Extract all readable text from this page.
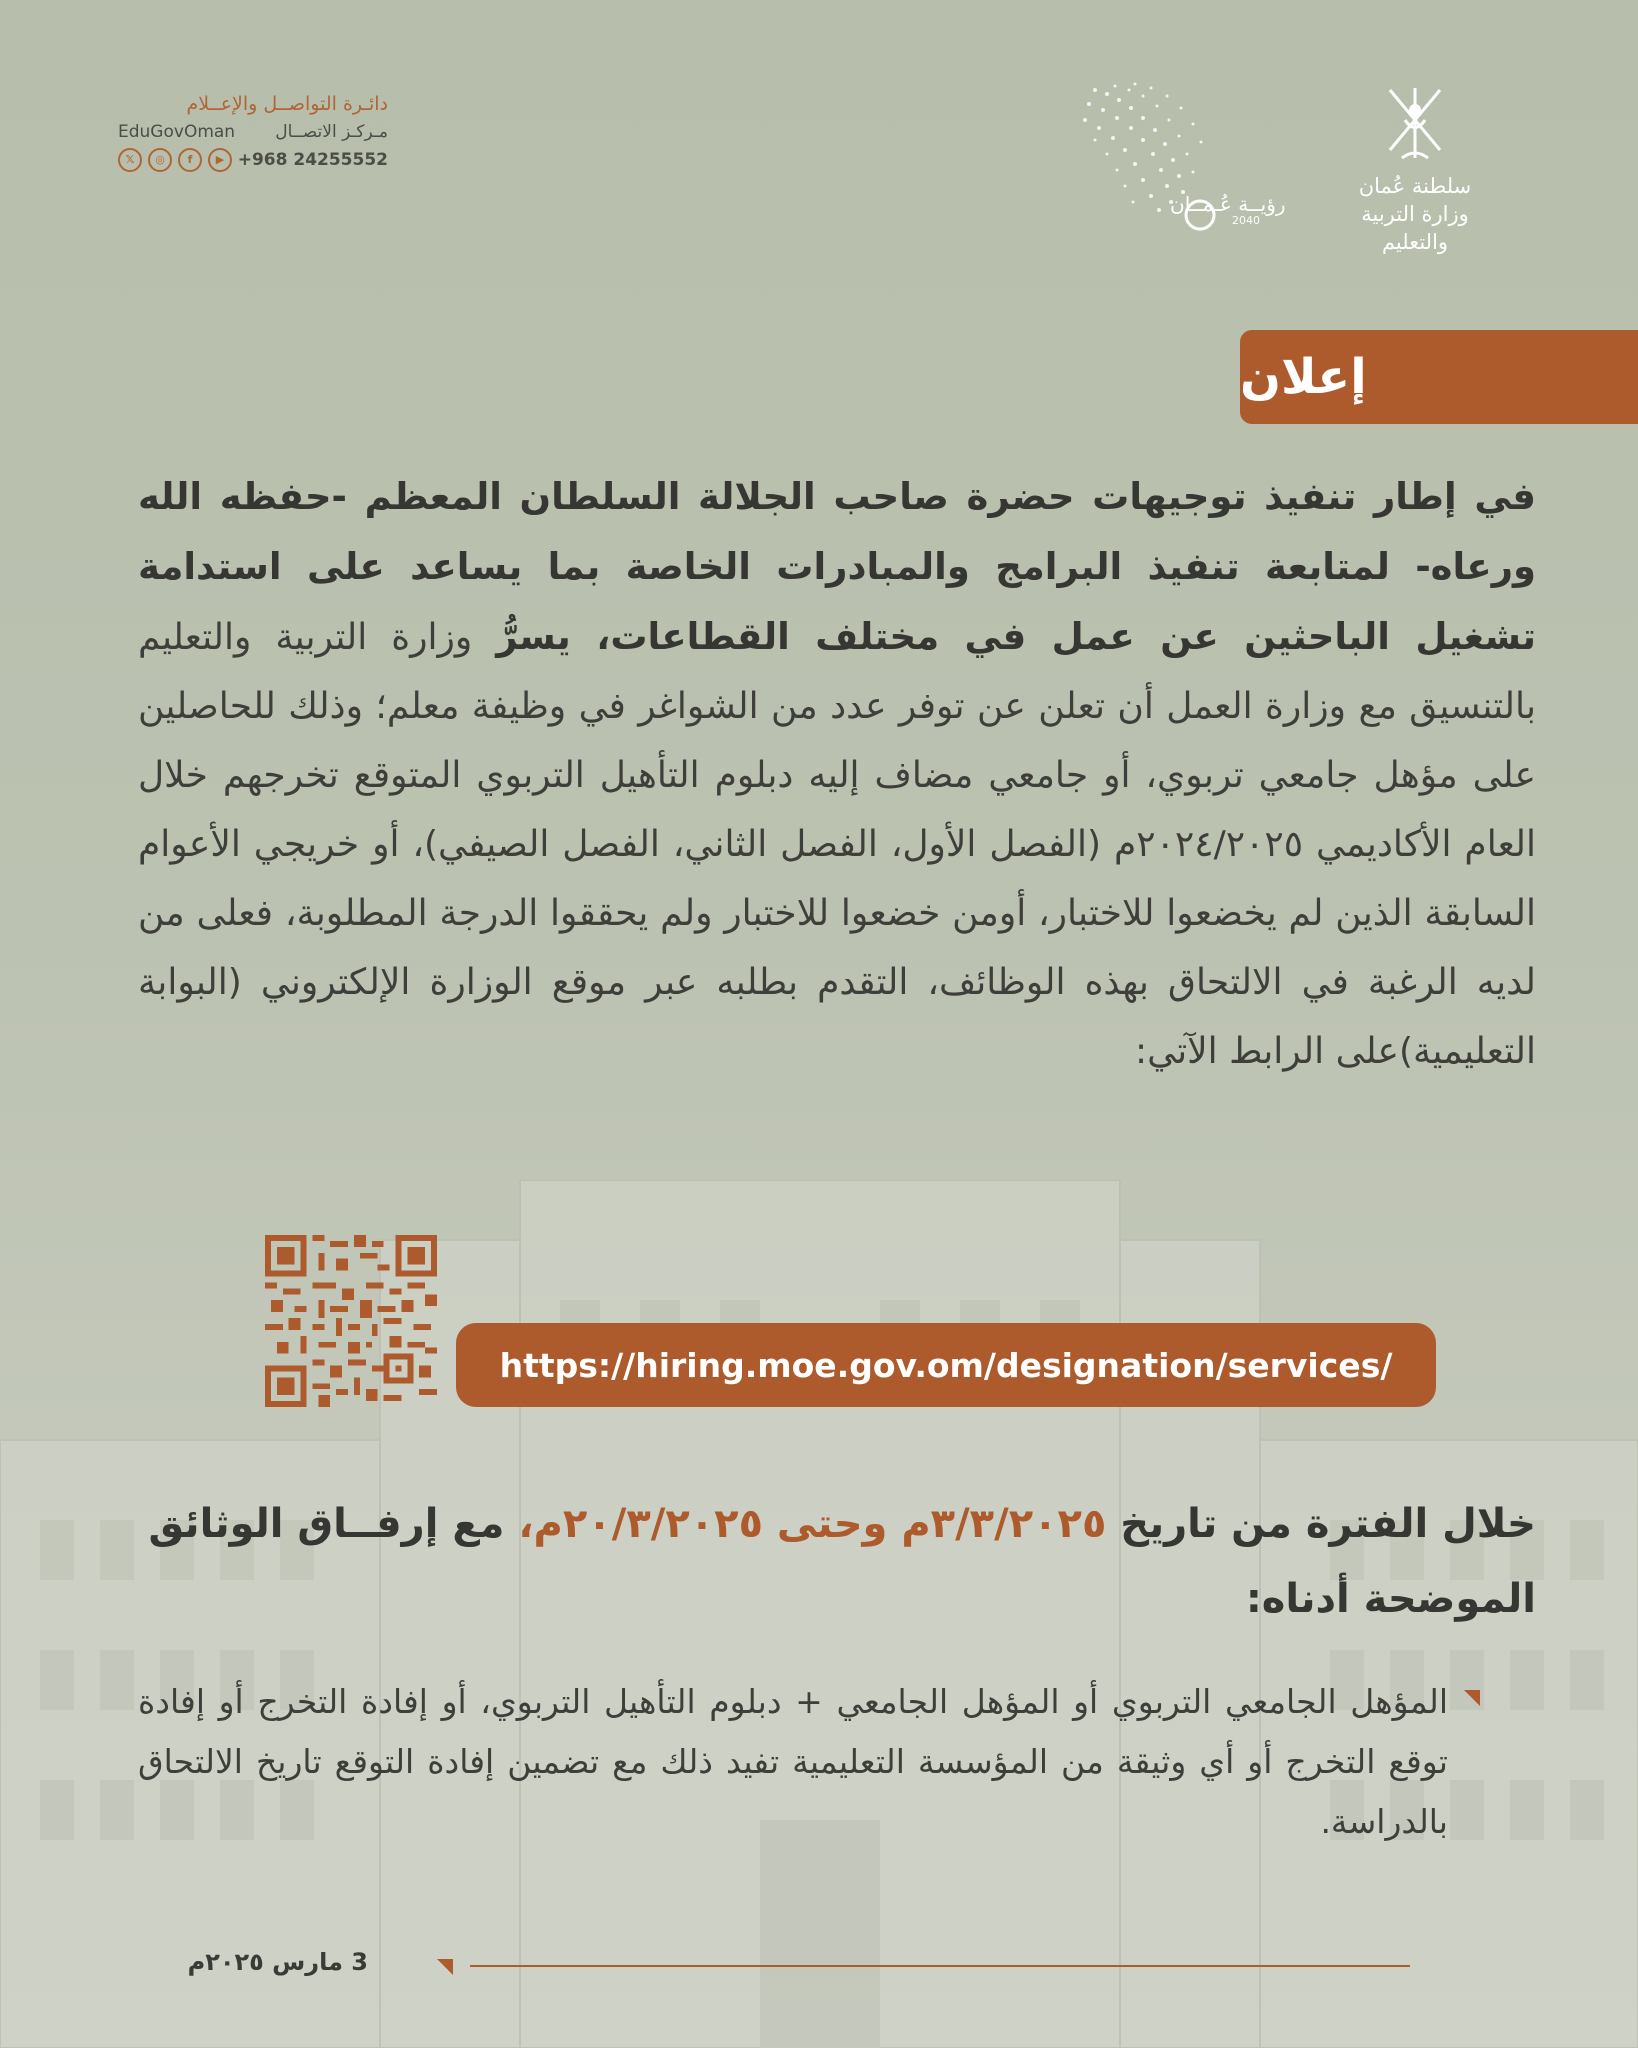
دائـرة التواصــل والإعــلام
مـركـز الاتصــال
EduGovOman
+968 24255552
𝕏	◎	f	▶
رؤيــة عُـمــان
2040
سلطنة عُمان
وزارة التربية والتعليم
إعلان
في إطار تنفيذ توجيهات حضرة صاحب الجلالة السلطان المعظم -حفظه الله ورعاه- لمتابعة تنفيذ البرامج والمبادرات الخاصة بما يساعد على استدامة تشغيل الباحثين عن عمل في مختلف القطاعات، يسرُّ وزارة التربية والتعليم بالتنسيق مع وزارة العمل أن تعلن عن توفر عدد من الشواغر في وظيفة معلم؛ وذلك للحاصلين على مؤهل جامعي تربوي، أو جامعي مضاف إليه دبلوم التأهيل التربوي المتوقع تخرجهم خلال العام الأكاديمي ٢٠٢٤/٢٠٢٥م (الفصل الأول، الفصل الثاني، الفصل الصيفي)، أو خريجي الأعوام السابقة الذين لم يخضعوا للاختبار، أومن خضعوا للاختبار ولم يحققوا الدرجة المطلوبة، فعلى من لديه الرغبة في الالتحاق بهذه الوظائف، التقدم بطلبه عبر موقع الوزارة الإلكتروني (البوابة التعليمية)على الرابط الآتي:
https://hiring.moe.gov.om/designation/services/
خلال الفترة من تاريخ ٣/٣/٢٠٢٥م وحتى ٢٠/٣/٢٠٢٥م، مع إرفــاق الوثائق الموضحة أدناه:
المؤهل الجامعي التربوي أو المؤهل الجامعي + دبلوم التأهيل التربوي، أو إفادة التخرج أو إفادة توقع التخرج أو أي وثيقة من المؤسسة التعليمية تفيد ذلك مع تضمين إفادة التوقع تاريخ الالتحاق بالدراسة.
3 مارس ٢٠٢٥م
